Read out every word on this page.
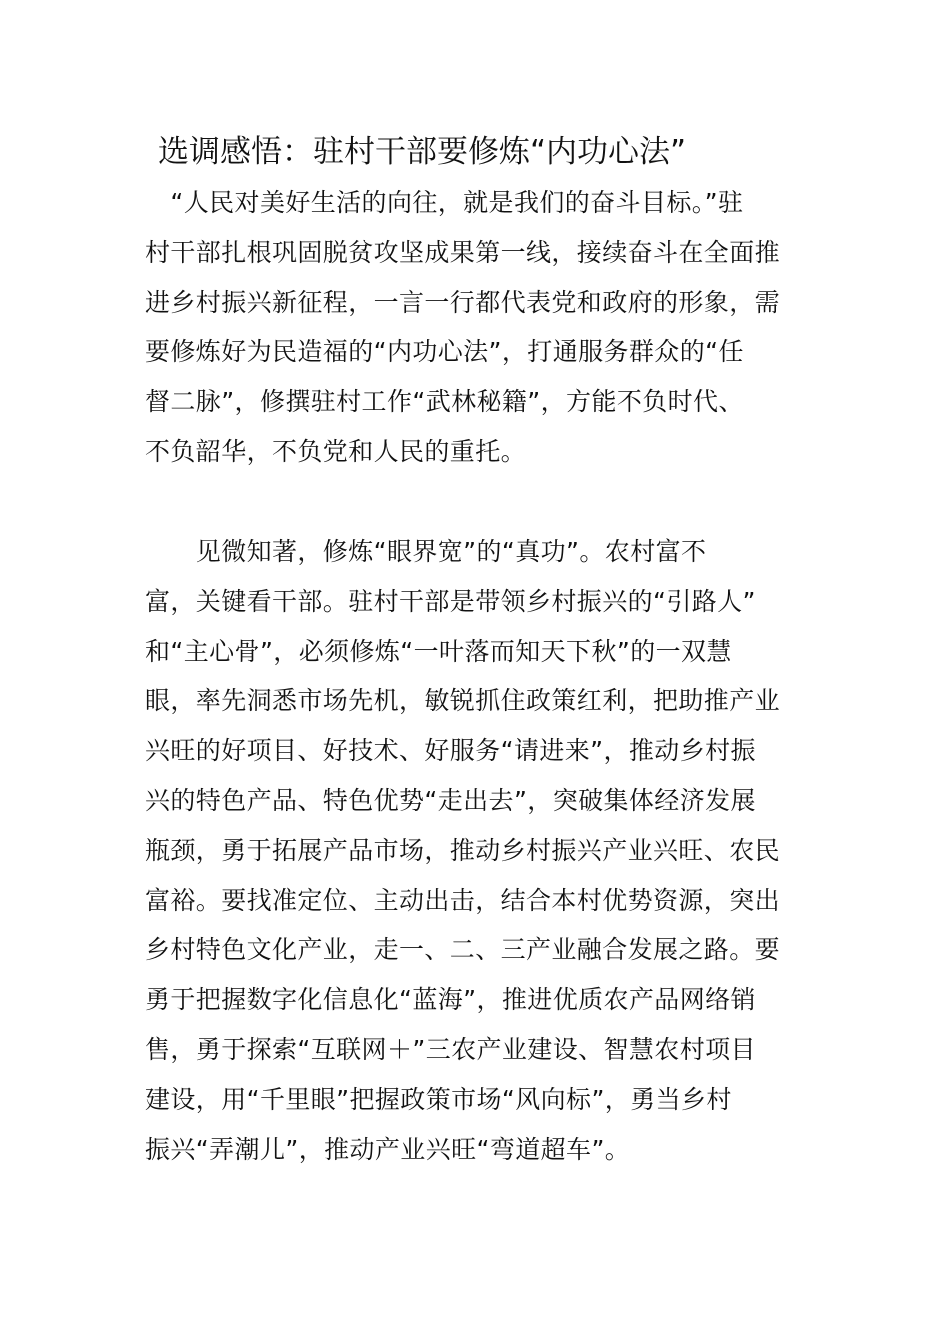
选调感悟：驻村干部要修炼“内功心法”
　“人民对美好生活的向往，就是我们的奋斗目标。”驻
村干部扎根巩固脱贫攻坚成果第一线，接续奋斗在全面推
进乡村振兴新征程，一言一行都代表党和政府的形象，需
要修炼好为民造福的“内功心法”，打通服务群众的“任
督二脉”，修撰驻村工作“武林秘籍”，方能不负时代、
不负韶华，不负党和人民的重托。
　　见微知著，修炼“眼界宽”的“真功”。农村富不
富，关键看干部。驻村干部是带领乡村振兴的“引路人”
和“主心骨”，必须修炼“一叶落而知天下秋”的一双慧
眼，率先洞悉市场先机，敏锐抓住政策红利，把助推产业
兴旺的好项目、好技术、好服务“请进来”，推动乡村振
兴的特色产品、特色优势“走出去”，突破集体经济发展
瓶颈，勇于拓展产品市场，推动乡村振兴产业兴旺、农民
富裕。要找准定位、主动出击，结合本村优势资源，突出
乡村特色文化产业，走一、二、三产业融合发展之路。要
勇于把握数字化信息化“蓝海”，推进优质农产品网络销
售，勇于探索“互联网＋”三农产业建设、智慧农村项目
建设，用“千里眼”把握政策市场“风向标”，勇当乡村
振兴“弄潮儿”，推动产业兴旺“弯道超车”。
